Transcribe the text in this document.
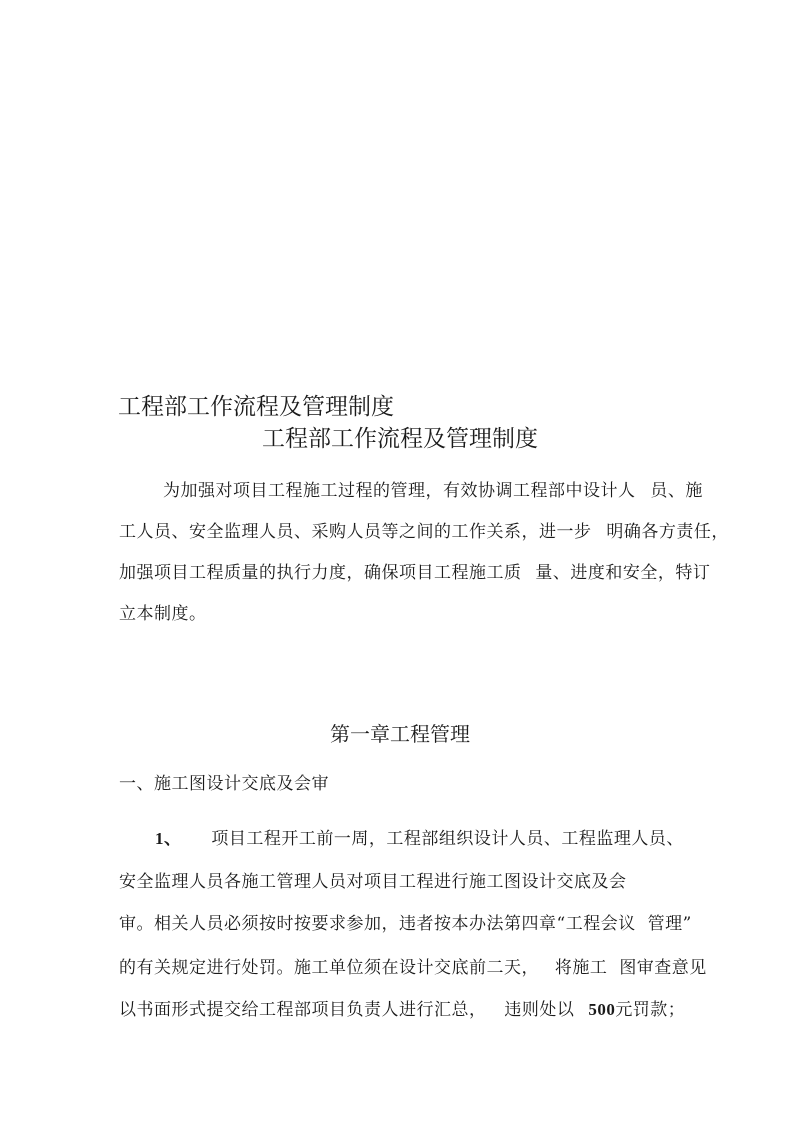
工程部工作流程及管理制度
工程部工作流程及管理制度
为加强对项目工程施工过程的管理，有效协调工程部中设计人 员、施
工人员、安全监理人员、采购人员等之间的工作关系，进一步 明确各方责任，
加强项目工程质量的执行力度，确保项目工程施工质 量、进度和安全，特订
立本制度。
第一章工程管理
一、施工图设计交底及会审
1、 项目工程开工前一周，工程部组织设计人员、工程监理人员、
安全监理人员各施工管理人员对项目工程进行施工图设计交底及会
审。相关人员必须按时按要求参加，违者按本办法第四章“工程会议 管理”
的有关规定进行处罚。施工单位须在设计交底前二天， 将施工 图审查意见
以书面形式提交给工程部项目负责人进行汇总， 违则处以 500元罚款；
